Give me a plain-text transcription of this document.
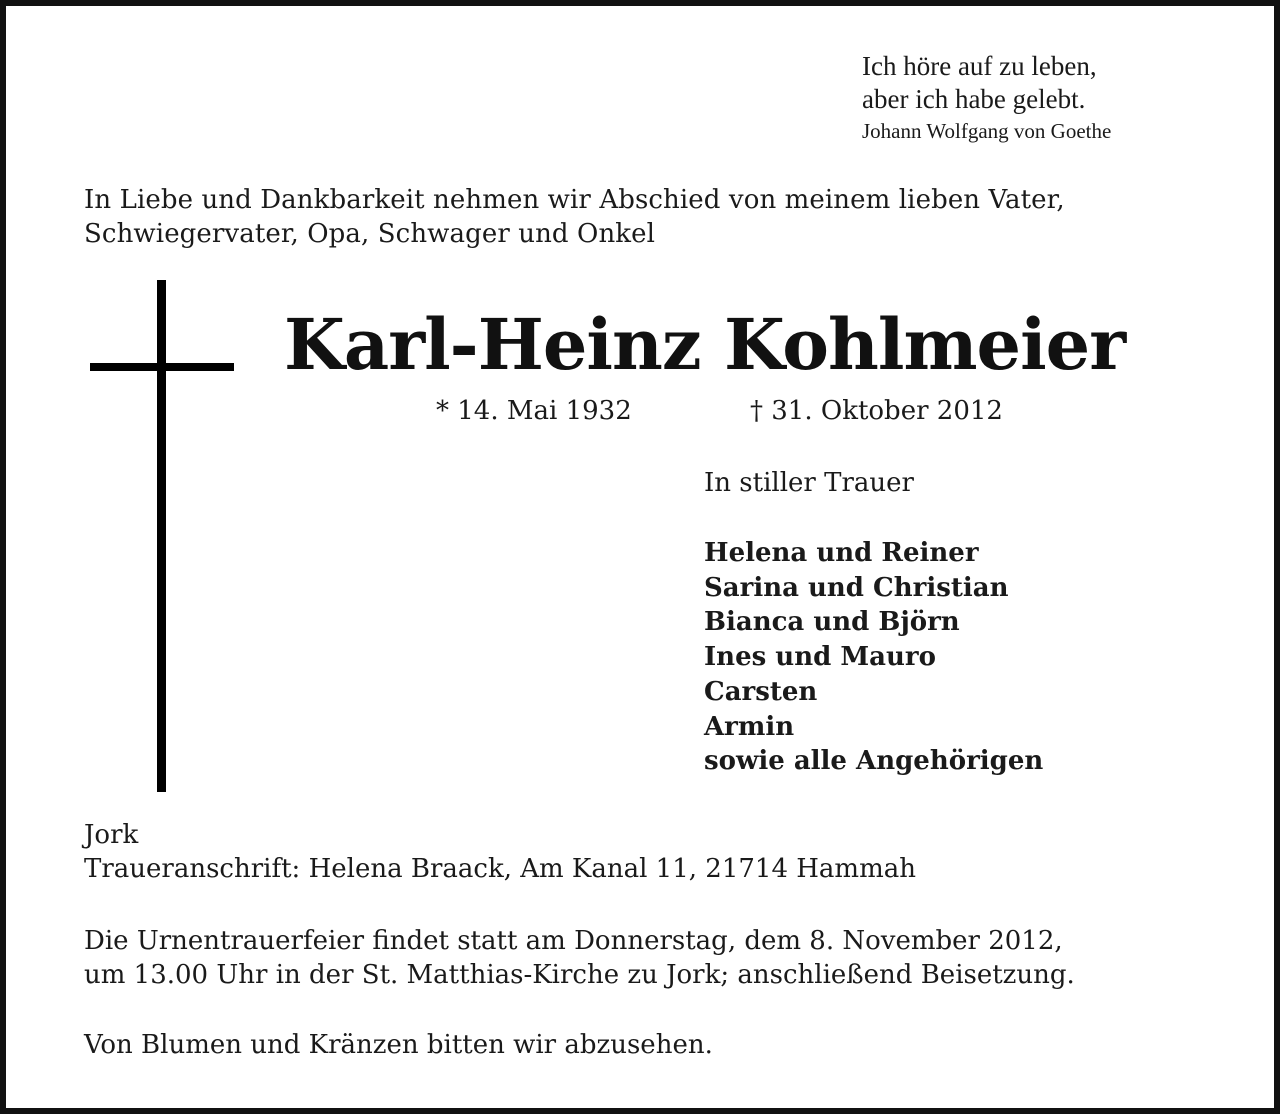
Ich höre auf zu leben,
aber ich habe gelebt.
Johann Wolfgang von Goethe
In Liebe und Dankbarkeit nehmen wir Abschied von meinem lieben Vater,
Schwiegervater, Opa, Schwager und Onkel
Karl-Heinz Kohlmeier
* 14. Mai 1932	† 31. Oktober 2012
In stiller Trauer
Helena und Reiner
Sarina und Christian
Bianca und Björn
Ines und Mauro
Carsten
Armin
sowie alle Angehörigen
Jork
Traueranschrift: Helena Braack, Am Kanal 11, 21714 Hammah
Die Urnentrauerfeier findet statt am Donnerstag, dem 8. November 2012,
um 13.00 Uhr in der St. Matthias-Kirche zu Jork; anschließend Beisetzung.
Von Blumen und Kränzen bitten wir abzusehen.
